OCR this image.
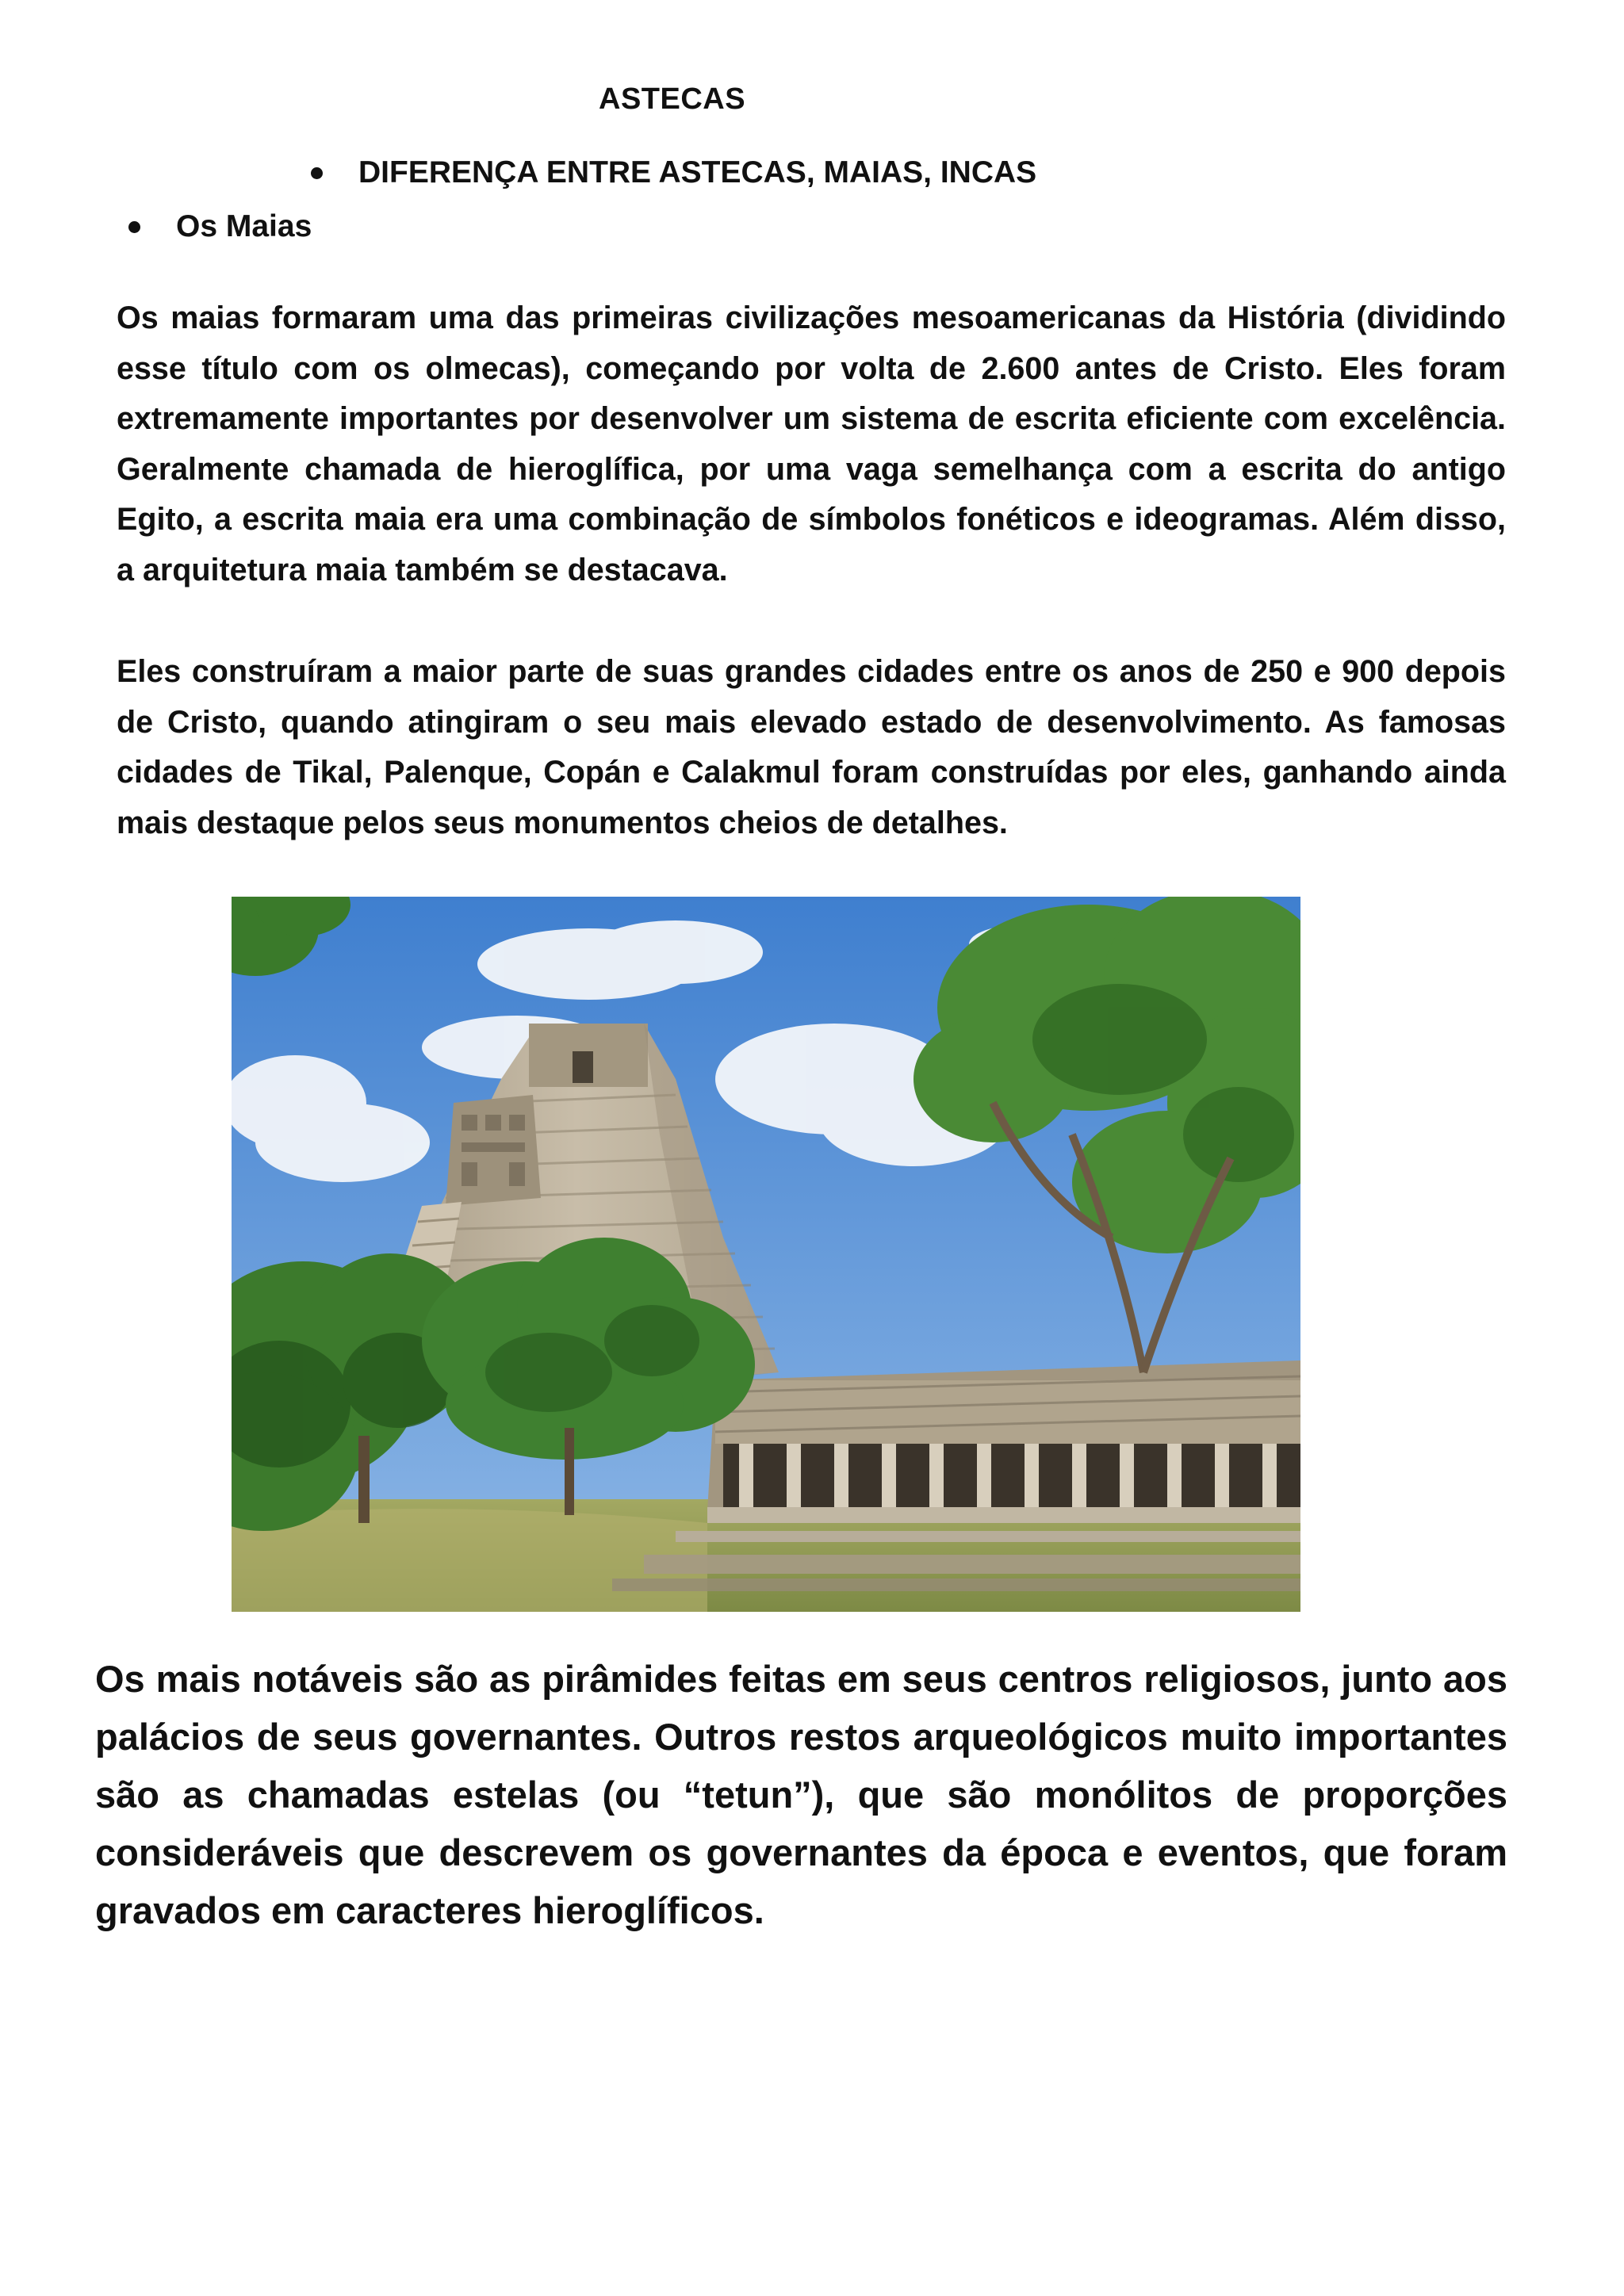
ASTECAS
DIFERENÇA ENTRE ASTECAS, MAIAS, INCAS
Os Maias

Os maias formaram uma das primeiras civilizações mesoamericanas da História (dividindo esse título com os olmecas), começando por volta de 2.600 antes de Cristo. Eles foram extremamente importantes por desenvolver um sistema de escrita eficiente com excelência. Geralmente chamada de hieroglífica, por uma vaga semelhança com a escrita do antigo Egito, a escrita maia era uma combinação de símbolos fonéticos e ideogramas. Além disso, a arquitetura maia também se destacava.

Eles construíram a maior parte de suas grandes cidades entre os anos de 250 e 900 depois de Cristo, quando atingiram o seu mais elevado estado de desenvolvimento. As famosas cidades de Tikal, Palenque, Copán e Calakmul foram construídas por eles, ganhando ainda mais destaque pelos seus monumentos cheios de detalhes.

Os mais notáveis são as pirâmides feitas em seus centros religiosos, junto aos palácios de seus governantes. Outros restos arqueológicos muito importantes são as chamadas estelas (ou “tetun”), que são monólitos de proporções consideráveis que descrevem os governantes da época e eventos, que foram gravados em caracteres hieroglíficos.
